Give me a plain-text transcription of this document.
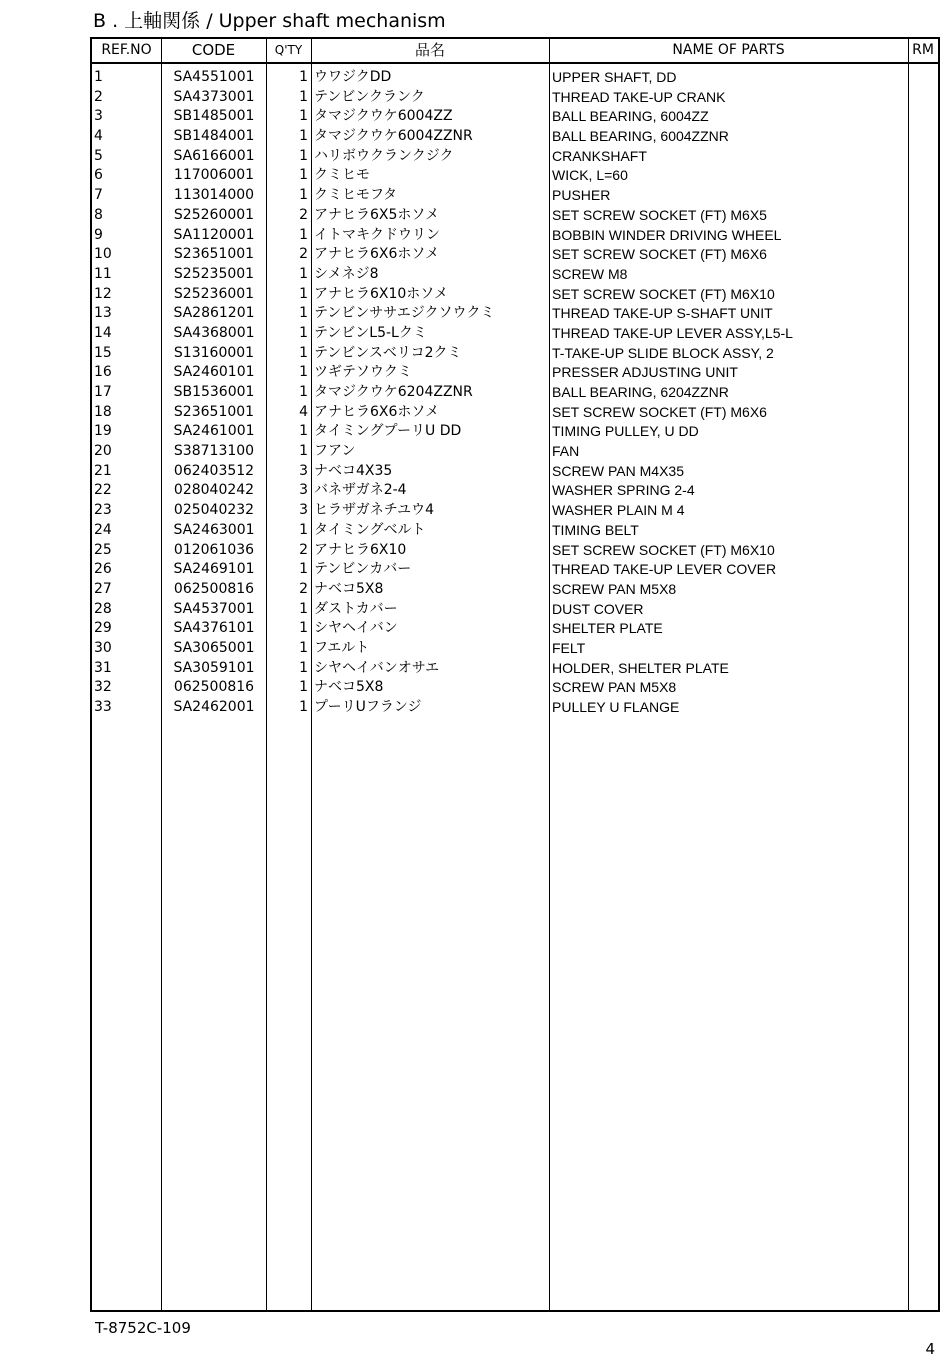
B . 上軸関係 / Upper shaft mechanism
REF.NO	CODE	Q'TY	品名	NAME OF PARTS	RM
1	SA4551001	1 ウワジクDD	UPPER SHAFT, DD
2	SA4373001	1 テンビンクランク	THREAD TAKE-UP CRANK
3	SB1485001	1 タマジクウケ6004ZZ	BALL BEARING, 6004ZZ
4	SB1484001	1 タマジクウケ6004ZZNR	BALL BEARING, 6004ZZNR
5	SA6166001	1 ハリボウクランクジク	CRANKSHAFT
6	117006001	1 クミヒモ	WICK, L=60
7	113014000	1 クミヒモフタ	PUSHER
8	S25260001	2 アナヒラ6X5ホソメ	SET SCREW SOCKET (FT) M6X5
9	SA1120001	1 イトマキクドウリン	BOBBIN WINDER DRIVING WHEEL
10	S23651001	2 アナヒラ6X6ホソメ	SET SCREW SOCKET (FT) M6X6
11	S25235001	1 シメネジ8	SCREW M8
12	S25236001	1 アナヒラ6X10ホソメ	SET SCREW SOCKET (FT) M6X10
13	SA2861201	1 テンビンササエジクソウクミ	THREAD TAKE-UP S-SHAFT UNIT
14	SA4368001	1 テンビンL5-Lクミ	THREAD TAKE-UP LEVER ASSY,L5-L
15	S13160001	1 テンビンスベリコ2クミ	T-TAKE-UP SLIDE BLOCK ASSY, 2
16	SA2460101	1 ツギテソウクミ	PRESSER ADJUSTING UNIT
17	SB1536001	1 タマジクウケ6204ZZNR	BALL BEARING, 6204ZZNR
18	S23651001	4 アナヒラ6X6ホソメ	SET SCREW SOCKET (FT) M6X6
19	SA2461001	1 タイミングプーリU DD	TIMING PULLEY, U DD
20	S38713100	1 フアン	FAN
21	062403512	3 ナベコ4X35	SCREW PAN M4X35
22	028040242	3 バネザガネ2-4	WASHER SPRING 2-4
23	025040232	3 ヒラザガネチユウ4	WASHER PLAIN M 4
24	SA2463001	1 タイミングベルト	TIMING BELT
25	012061036	2 アナヒラ6X10	SET SCREW SOCKET (FT) M6X10
26	SA2469101	1 テンビンカバー	THREAD TAKE-UP LEVER COVER
27	062500816	2 ナベコ5X8	SCREW PAN M5X8
28	SA4537001	1 ダストカバー	DUST COVER
29	SA4376101	1 シヤヘイバン	SHELTER PLATE
30	SA3065001	1 フエルト	FELT
31	SA3059101	1 シヤヘイバンオサエ	HOLDER, SHELTER PLATE
32	062500816	1 ナベコ5X8	SCREW PAN M5X8
33	SA2462001	1 プーリUフランジ	PULLEY U FLANGE
T-8752C-109
4
